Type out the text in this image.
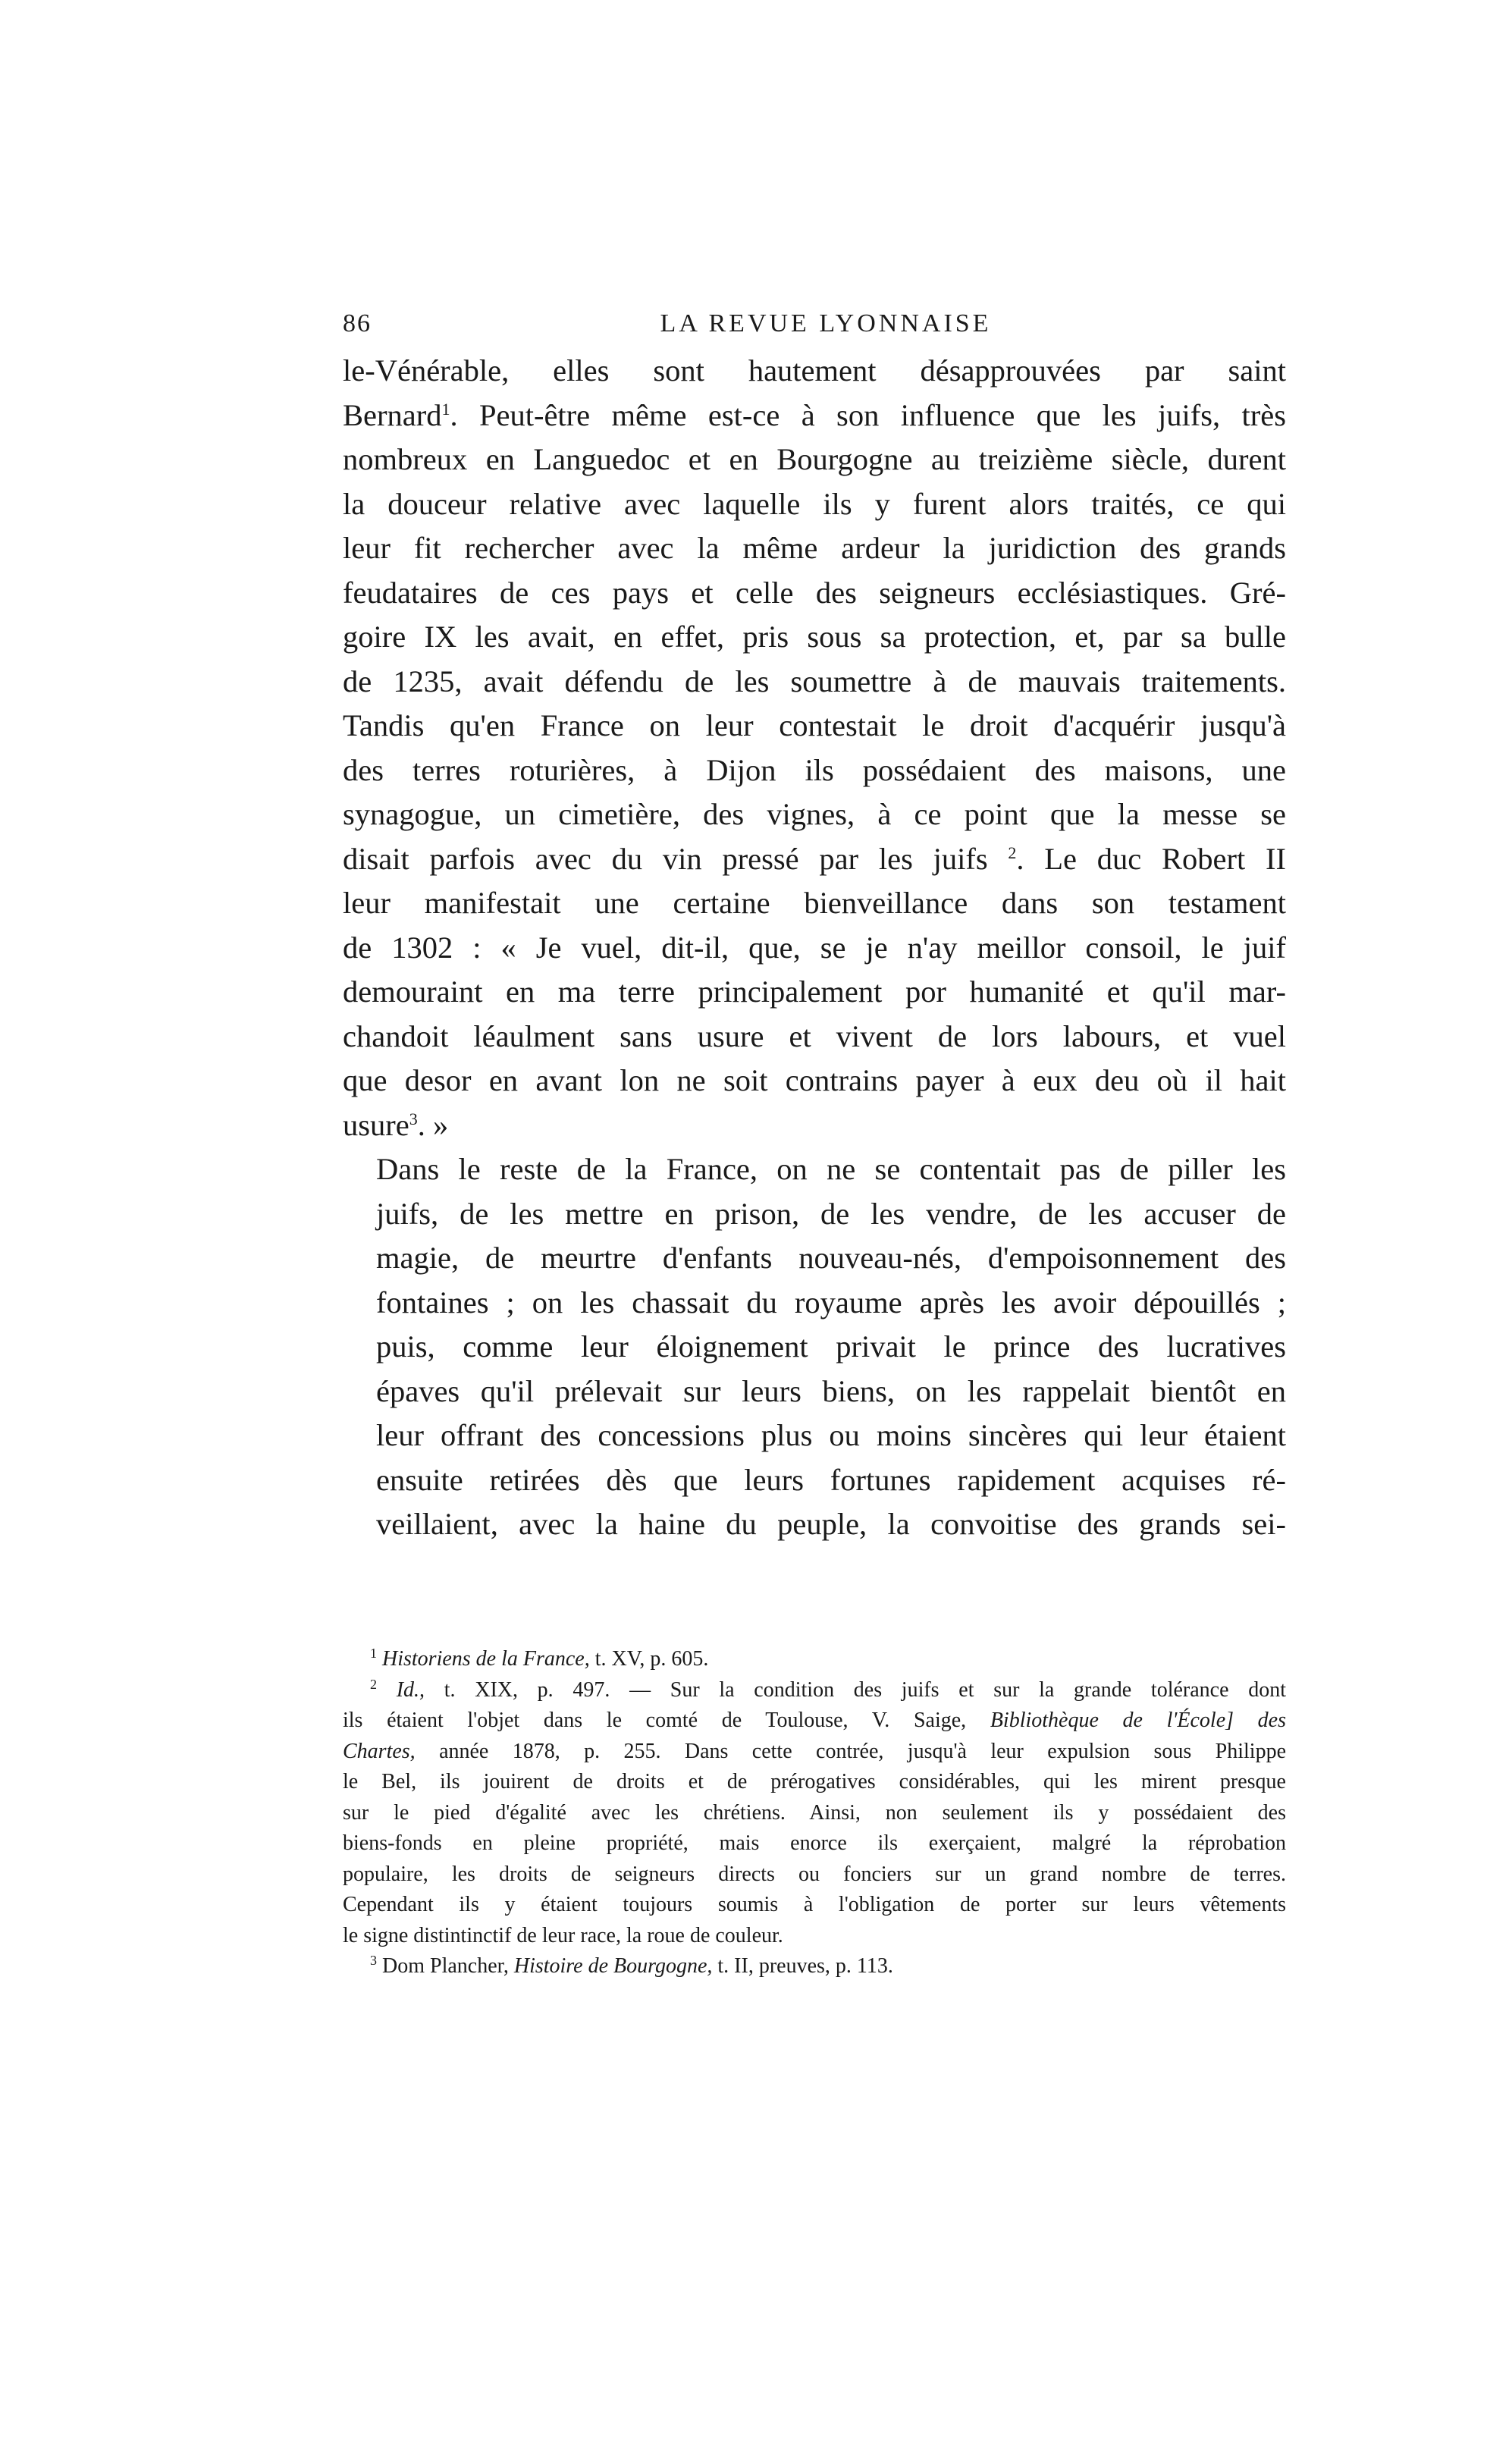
86	LA REVUE LYONNAISE

le-Vénérable, elles sont hautement désapprouvées par saint
Bernard$^1$. Peut-être même est-ce à son influence que les juifs, très
nombreux en Languedoc et en Bourgogne au treizième siècle, durent
la douceur relative avec laquelle ils y furent alors traités, ce qui
leur fit rechercher avec la même ardeur la juridiction des grands
feudataires de ces pays et celle des seigneurs ecclésiastiques. Gré-
goire IX les avait, en effet, pris sous sa protection, et, par sa bulle
de 1235, avait défendu de les soumettre à de mauvais traitements.
Tandis qu'en France on leur contestait le droit d'acquérir jusqu'à
des terres roturières, à Dijon ils possédaient des maisons, une
synagogue, un cimetière, des vignes, à ce point que la messe se
disait parfois avec du vin pressé par les juifs $^2$. Le duc Robert II
leur manifestait une certaine bienveillance dans son testament
de 1302 : « Je vuel, dit-il, que, se je n'ay meillor consoil, le juif
demouraint en ma terre principalement por humanité et qu'il mar-
chandoit léaulment sans usure et vivent de lors labours, et vuel
que desor en avant lon ne soit contrains payer à eux deu où il hait
usure$^3$. »

Dans le reste de la France, on ne se contentait pas de piller les
juifs, de les mettre en prison, de les vendre, de les accuser de
magie, de meurtre d'enfants nouveau-nés, d'empoisonnement des
fontaines ; on les chassait du royaume après les avoir dépouillés ;
puis, comme leur éloignement privait le prince des lucratives
épaves qu'il prélevait sur leurs biens, on les rappelait bientôt en
leur offrant des concessions plus ou moins sincères qui leur étaient
ensuite retirées dès que leurs fortunes rapidement acquises ré-
veillaient, avec la haine du peuple, la convoitise des grands sei-

$^1$ Historiens de la France, t. XV, p. 605.

$^2$ Id., t. XIX, p. 497. — Sur la condition des juifs et sur la grande tolérance dont
ils étaient l'objet dans le comté de Toulouse, V. Saige, Bibliothèque de l'École] des
Chartes, année 1878, p. 255. Dans cette contrée, jusqu'à leur expulsion sous Philippe
le Bel, ils jouirent de droits et de prérogatives considérables, qui les mirent presque
sur le pied d'égalité avec les chrétiens. Ainsi, non seulement ils y possédaient des
biens-fonds en pleine propriété, mais enorce ils exerçaient, malgré la réprobation
populaire, les droits de seigneurs directs ou fonciers sur un grand nombre de terres.
Cependant ils y étaient toujours soumis à l'obligation de porter sur leurs vêtements
le signe distintinctif de leur race, la roue de couleur.

$^3$ Dom Plancher, Histoire de Bourgogne, t. II, preuves, p. 113.
